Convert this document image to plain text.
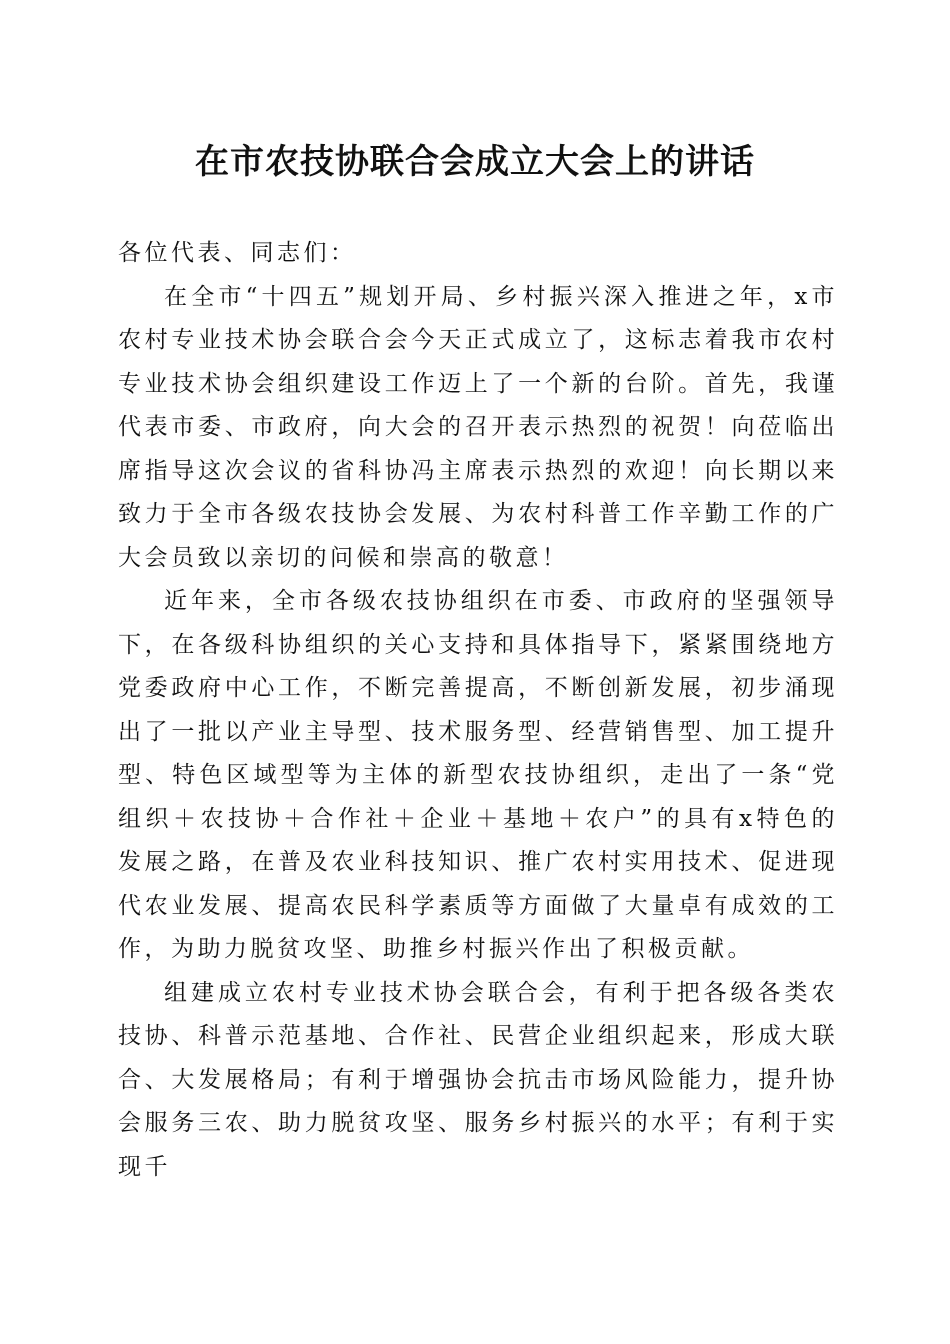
在市农技协联合会成立大会上的讲话

各位代表、同志们：

在全市“十四五”规划开局、乡村振兴深入推进之年，x市农村专业技术协会联合会今天正式成立了，这标志着我市农村专业技术协会组织建设工作迈上了一个新的台阶。首先，我谨代表市委、市政府，向大会的召开表示热烈的祝贺！向莅临出席指导这次会议的省科协冯主席表示热烈的欢迎！向长期以来致力于全市各级农技协会发展、为农村科普工作辛勤工作的广大会员致以亲切的问候和崇高的敬意！

近年来，全市各级农技协组织在市委、市政府的坚强领导下，在各级科协组织的关心支持和具体指导下，紧紧围绕地方党委政府中心工作，不断完善提高，不断创新发展，初步涌现出了一批以产业主导型、技术服务型、经营销售型、加工提升型、特色区域型等为主体的新型农技协组织，走出了一条“党组织＋农技协＋合作社＋企业＋基地＋农户”的具有x特色的发展之路，在普及农业科技知识、推广农村实用技术、促进现代农业发展、提高农民科学素质等方面做了大量卓有成效的工作，为助力脱贫攻坚、助推乡村振兴作出了积极贡献。

组建成立农村专业技术协会联合会，有利于把各级各类农技协、科普示范基地、合作社、民营企业组织起来，形成大联合、大发展格局；有利于增强协会抗击市场风险能力，提升协会服务三农、助力脱贫攻坚、服务乡村振兴的水平；有利于实现千
